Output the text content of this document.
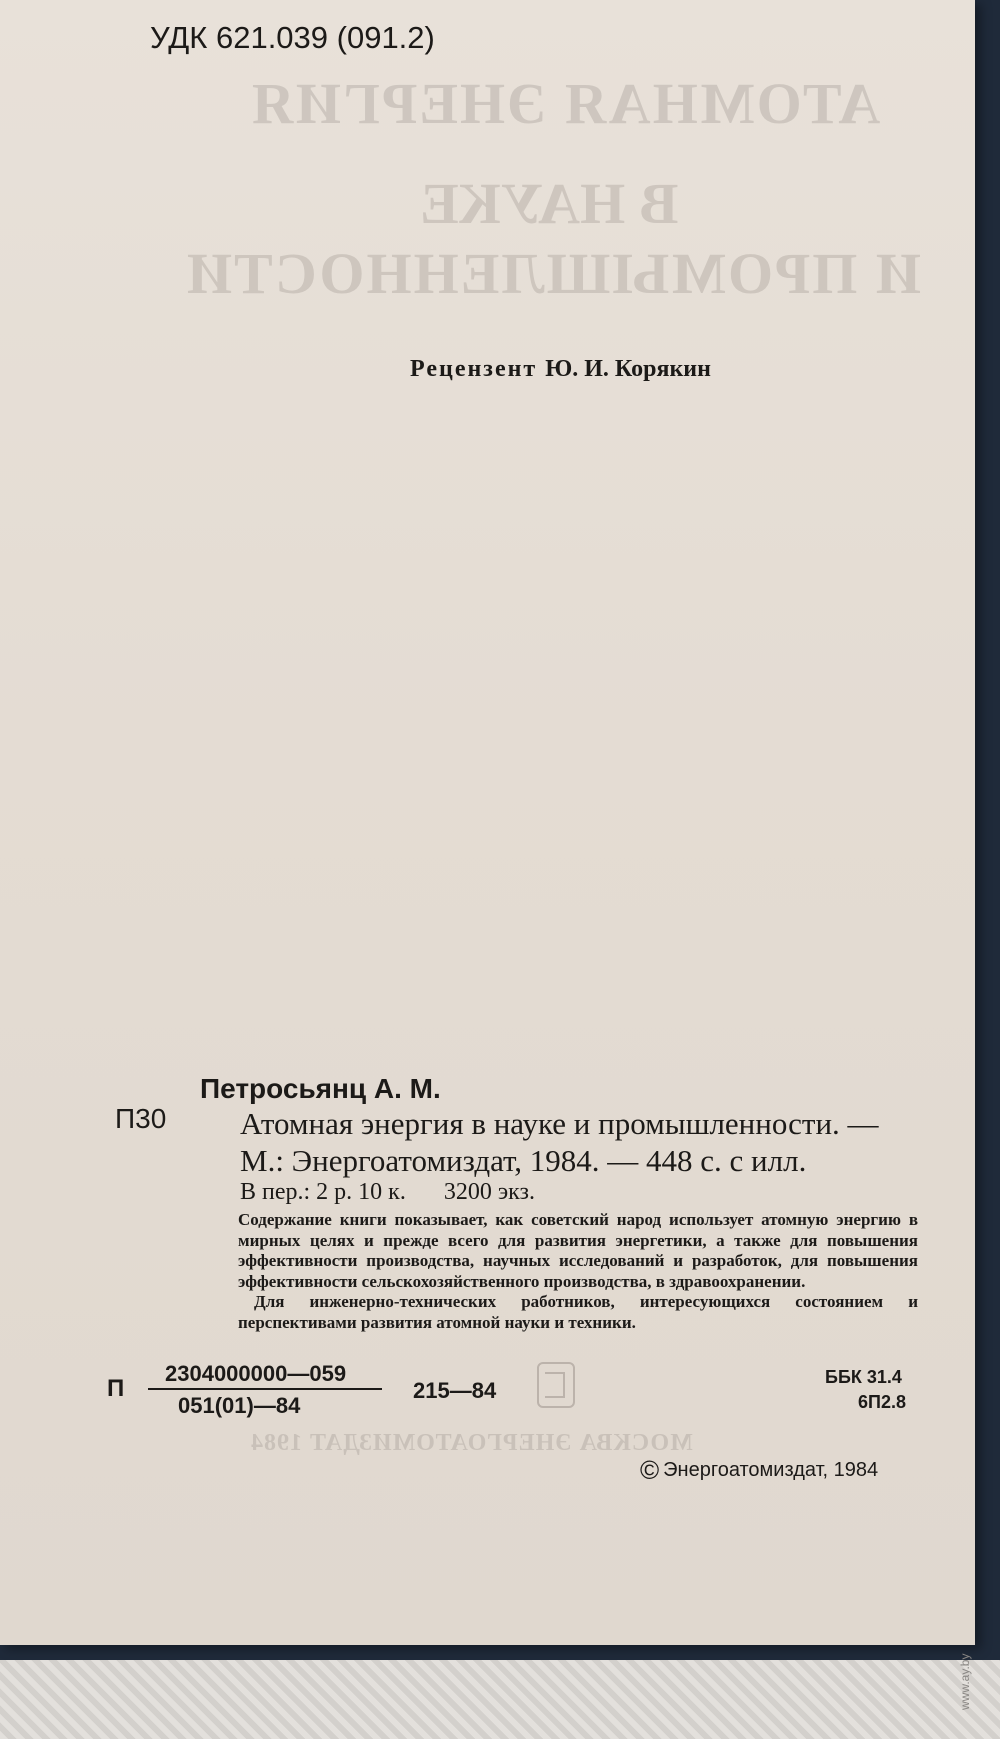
УДК 621.039 (091.2)
АТОМНАЯ ЭНЕРГИЯ
В НАУКЕ
И ПРОМЫШЛЕННОСТИ
МОСКВА ЭНЕРГОАТОМИЗДАТ 1984
Рецензент Ю. И. Корякин
Петросьянц А. М.
П30 Атомная энергия в науке и промышленности. —
М.: Энергоатомиздат, 1984. — 448 с. с илл.
В пер.: 2 р. 10 к. 3200 экз.

Содержание книги показывает, как советский народ использует атомную энергию в мирных целях и прежде всего для развития энергетики, а также для повышения эффективности производства, научных исследований и разработок, для повышения эффективности сельскохозяйственного производства, в здравоохранении.

Для инженерно-технических работников, интересующихся состоянием и перспективами развития атомной науки и техники.

П
2304000000—059
051(01)—84
215—84
ББК 31.4
6П2.8
© Энергоатомиздат, 1984
www.ay.by
